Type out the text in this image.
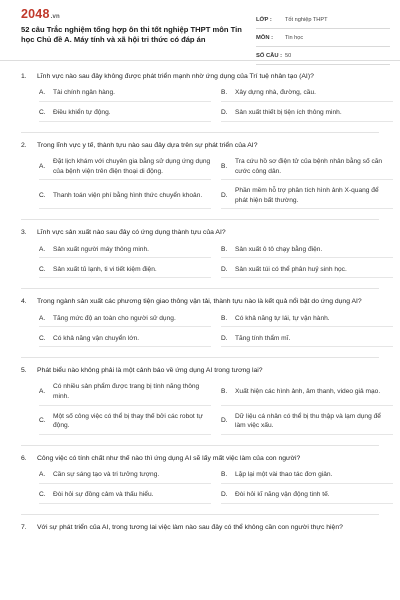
2048.vn
52 câu Trắc nghiệm tổng hợp ôn thi tốt nghiệp THPT môn Tin học Chủ đề A. Máy tính và xã hội tri thức có đáp án
LỚP : Tốt nghiệp THPT
MÔN : Tin học
SỐ CÂU : 50
1.	Lĩnh vực nào sau đây không được phát triển mạnh nhờ ứng dụng của Trí tuệ nhân tạo (AI)?
A.	Tài chính ngân hàng.	B.	Xây dựng nhà, đường, cầu.
C.	Điều khiển tự động.	D.	Sản xuất thiết bị tiện ích thông minh.
2.	Trong lĩnh vực y tế, thành tựu nào sau đây dựa trên sự phát triển của AI?
A.
Đặt lịch khám với chuyên gia bằng sử dụng ứng dụng của bệnh viện trên điện thoại di động.
B.
Tra cứu hồ sơ điện tử của bệnh nhân bằng số căn cước công dân.
C.	Thanh toán viện phí bằng hình thức chuyển khoản.	D.
Phần mềm hỗ trợ phân tích hình ảnh X-quang để phát hiện bất thường.
3.	Lĩnh vực sản xuất nào sau đây có ứng dụng thành tựu của AI?
A.	Sản xuất người máy thông minh.	B.	Sản xuất ô tô chạy bằng điện.
C.	Sản xuất tủ lạnh, ti vi tiết kiệm điện.	D.	Sản xuất túi có thể phân huỷ sinh học.
4.	Trong ngành sản xuất các phương tiện giao thông vận tải, thành tựu nào là kết quả nổi bật do ứng dụng AI?
A.	Tăng mức độ an toàn cho người sử dụng.	B.	Có khả năng tự lái, tự vận hành.
C.	Có khả năng vận chuyển lớn.	D.	Tăng tính thẩm mĩ.
5.	Phát biểu nào không phải là một cảnh báo về ứng dụng AI trong tương lai?
A.
Có nhiều sản phẩm được trang bị tính năng thông minh.
B.	Xuất hiện các hình ảnh, âm thanh, video giả mạo.
C.
Một số công việc có thể bị thay thế bởi các robot tự động.
D.
Dữ liệu cá nhân có thể bị thu thập và lạm dụng để làm việc xấu.
6.	Công việc có tính chất như thế nào thì ứng dụng AI sẽ lấy mất việc làm của con người?
A.	Cần sự sáng tạo và tri tưởng tượng.	B.	Lặp lại một vài thao tác đơn giản.
C.	Đòi hỏi sự đồng cảm và thấu hiểu.	D.	Đòi hỏi kĩ năng vận động tinh tế.
7.	Với sự phát triển của AI, trong tương lai việc làm nào sau đây có thể không cần con người thực hiện?
